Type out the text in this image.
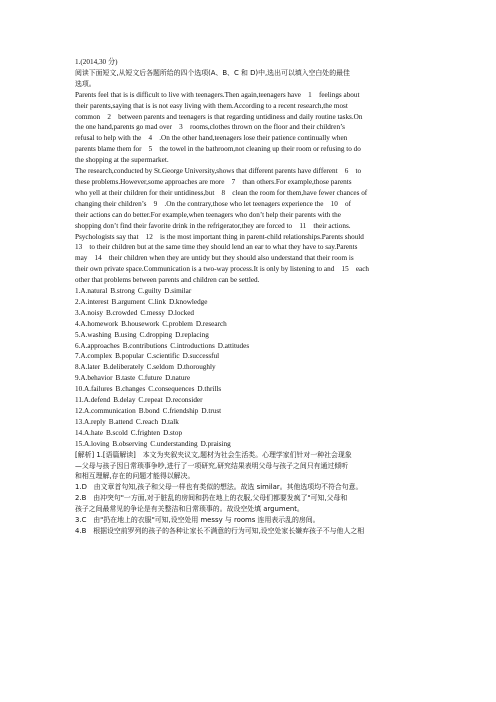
1.(2014,30 分)
阅读下面短文,从短文后各题所给的四个选项(A、B、C 和 D)中,选出可以填入空白处的最佳
选项。
Parents feel that is is difficult to live with teenagers.Then again,teenagers have　1　feelings about
their parents,saying that is is not easy living with them.According to a recent research,the most
common　2　between parents and teenagers is that regarding untidiness and daily routine tasks.On
the one hand,parents go mad over　3　rooms,clothes thrown on the floor and their children’s
refusal to help with the　4　.On the other hand,teenagers lose their patience continually when
parents blame them for　5　the towel in the bathroom,not cleaning up their room or refusing to do
the shopping at the supermarket.
The research,conducted by St.George University,shows that different parents have different　6　to
these problems.However,some approaches are more　7　than others.For example,those parents
who yell at their children for their untidiness,but　8　clean the room for them,have fewer chances of
changing their children’s　9　.On the contrary,those who let teenagers experience the　10　of
their actions can do better.For example,when teenagers who don’t help their parents with the
shopping don’t find their favorite drink in the refrigerator,they are forced to　11　their actions.
Psychologists say that　12　is the most important thing in parent-child relationships.Parents should
13　to their children but at the same time they should lend an ear to what they have to say.Parents
may　14　their children when they are untidy but they should also understand that their room is
their own private space.Communication is a two-way process.It is only by listening to and　15　each
other that problems between parents and children can be settled.
1.A.natural B.strong C.guilty D.similar
2.A.interest B.argument C.link D.knowledge
3.A.noisy B.crowded C.messy D.locked
4.A.homework B.housework C.problem D.research
5.A.washing B.using C.dropping D.replacing
6.A.approaches B.contributions C.introductions D.attitudes
7.A.complex B.popular C.scientific D.successful
8.A.later B.deliberately C.seldom D.thoroughly
9.A.behavior B.taste C.future D.nature
10.A.failures B.changes C.consequences D.thrills
11.A.defend B.delay C.repeat D.reconsider
12.A.communication B.bond C.friendship D.trust
13.A.reply B.attend C.reach D.talk
14.A.hate B.scold C.frighten D.stop
15.A.loving B.observing C.understanding D.praising
[解析] 1.[语篇解读]　本文为夹叙夹议文,题材为社会生活类。心理学家们针对一种社会现象
—父母与孩子因日常琐事争吵,进行了一项研究,研究结果表明父母与孩子之间只有通过倾听
和相互理解,存在的问题才能得以解决。
1.D　由文章首句知,孩子和父母一样也有类似的想法。故选 similar。其他选项均不符合句意。
2.B　由冲突句"一方面,对于脏乱的房间和扔在地上的衣服,父母们都要发疯了"可知,父母和
孩子之间最常见的争论是有关整洁和日常琐事的。故设空处填 argument。
3.C　由"扔在地上的衣服"可知,设空处用 messy 与 rooms 连用表示乱的房间。
4.B　根据设空前罗列的孩子的各种让家长不满意的行为可知,设空处家长嫌弃孩子不与他人之相
